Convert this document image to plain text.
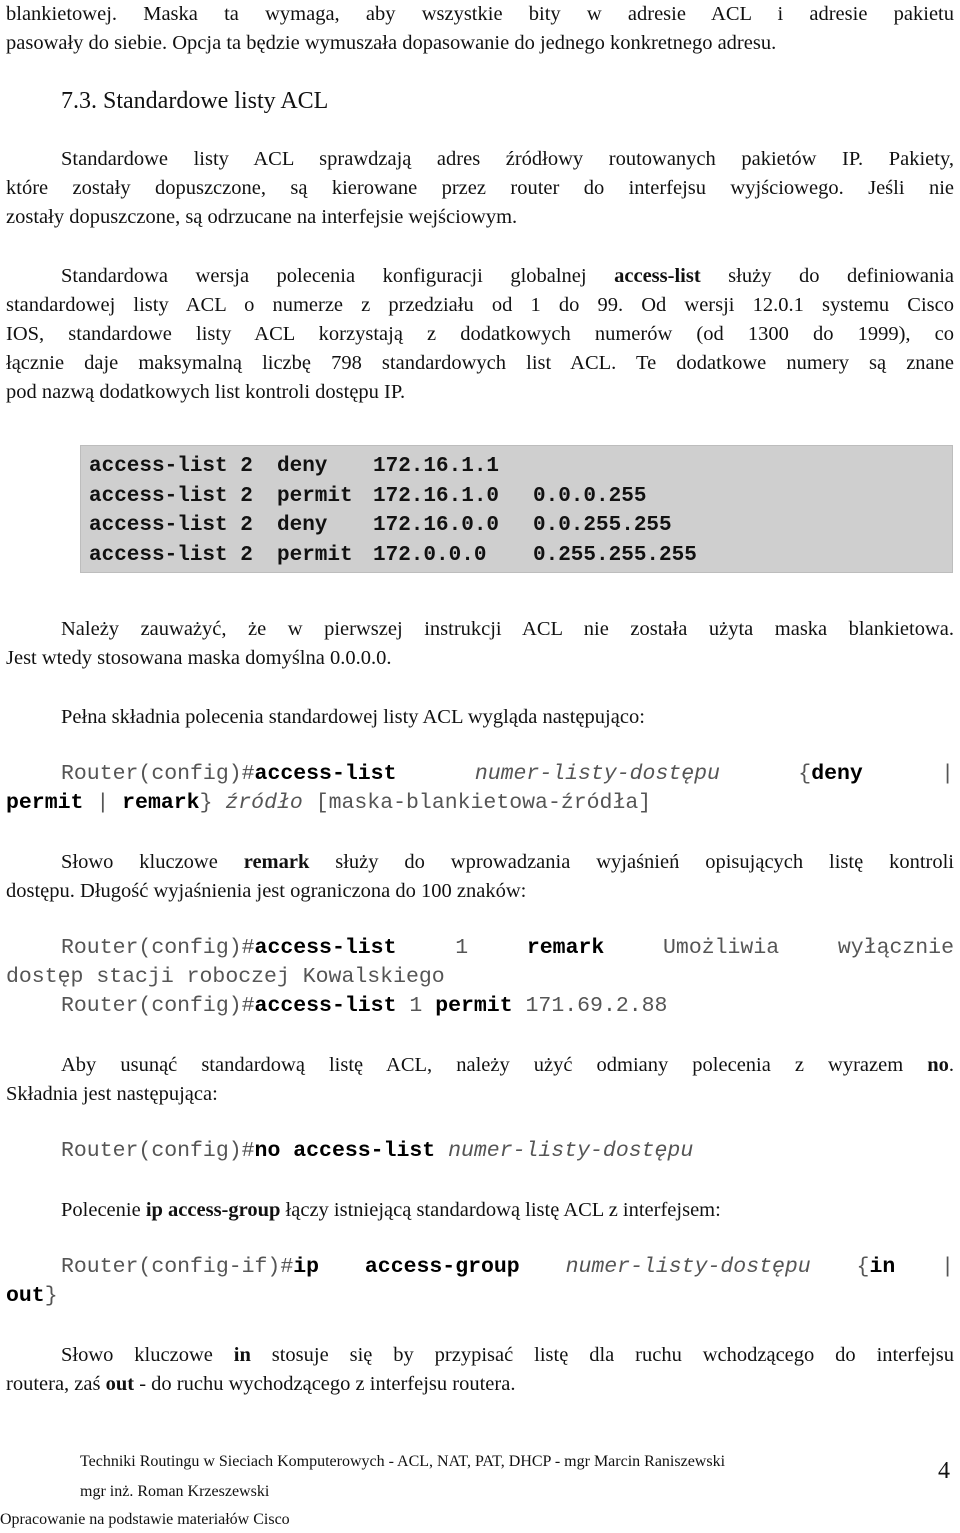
blankietowej. Maska ta wymaga, aby wszystkie bity w adresie ACL i adresie pakietu
pasowały do siebie. Opcja ta będzie wymuszała dopasowanie do jednego konkretnego adresu.
7.3. Standardowe listy ACL
Standardowe listy ACL sprawdzają adres źródłowy routowanych pakietów IP. Pakiety,
które zostały dopuszczone, są kierowane przez router do interfejsu wyjściowego. Jeśli nie
zostały dopuszczone, są odrzucane na interfejsie wejściowym.
Standardowa wersja polecenia konfiguracji globalnej access-list służy do definiowania
standardowej listy ACL o numerze z przedziału od 1 do 99. Od wersji 12.0.1 systemu Cisco
IOS, standardowe listy ACL korzystają z dodatkowych numerów (od 1300 do 1999), co
łącznie daje maksymalną liczbę 798 standardowych list ACL. Te dodatkowe numery są znane
pod nazwą dodatkowych list kontroli dostępu IP.
access-list 2	deny	172.16.1.1
access-list 2	permit 172.16.1.0	0.0.0.255
access-list 2	deny	172.16.0.0	0.0.255.255
access-list 2	permit 172.0.0.0	0.255.255.255
Należy zauważyć, że w pierwszej instrukcji ACL nie została użyta maska blankietowa.
Jest wtedy stosowana maska domyślna 0.0.0.0.
Pełna składnia polecenia standardowej listy ACL wygląda następująco:
Router(config)#access-list	numer-listy-dostępu	{deny	|
permit | remark} źródło [maska-blankietowa-źródła]
Słowo kluczowe remark służy do wprowadzania wyjaśnień opisujących listę kontroli
dostępu. Długość wyjaśnienia jest ograniczona do 100 znaków:
Router(config)#access-list	1	remark	Umożliwia wyłącznie
dostęp stacji roboczej Kowalskiego
Router(config)#access-list 1 permit 171.69.2.88
Aby usunąć standardową listę ACL, należy użyć odmiany polecenia z wyrazem no.
Składnia jest następująca:
Router(config)#no access-list numer-listy-dostępu
Polecenie ip access-group łączy istniejącą standardową listę ACL z interfejsem:
Router(config-if)#ip access-group numer-listy-dostępu {in |
out}
Słowo kluczowe in stosuje się by przypisać listę dla ruchu wchodzącego do interfejsu
routera, zaś out - do ruchu wychodzącego z interfejsu routera.
Techniki Routingu w Sieciach Komputerowych - ACL, NAT, PAT, DHCP - mgr Marcin Raniszewski
mgr inż. Roman Krzeszewski
Opracowanie na podstawie materiałów Cisco
4
